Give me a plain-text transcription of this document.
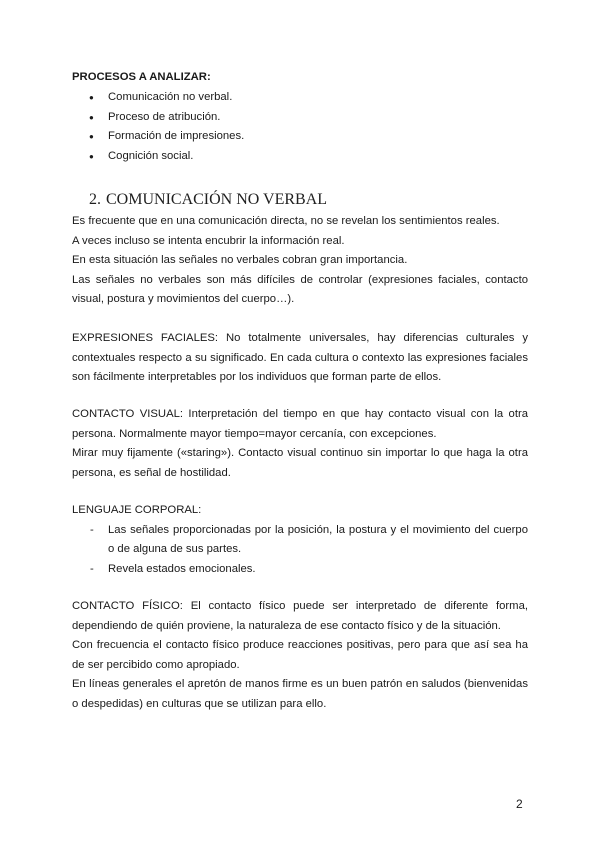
PROCESOS A ANALIZAR:
● Comunicación no verbal.
● Proceso de atribución.
● Formación de impresiones.
● Cognición social.
2. COMUNICACIÓN NO VERBAL

Es frecuente que en una comunicación directa, no se revelan los sentimientos reales.

A veces incluso se intenta encubrir la información real.

En esta situación las señales no verbales cobran gran importancia.

Las señales no verbales son más difíciles de controlar (expresiones faciales, contacto visual, postura y movimientos del cuerpo…).

EXPRESIONES FACIALES: No totalmente universales, hay diferencias culturales y contextuales respecto a su significado. En cada cultura o contexto las expresiones faciales son fácilmente interpretables por los individuos que forman parte de ellos.

CONTACTO VISUAL: Interpretación del tiempo en que hay contacto visual con la otra persona. Normalmente mayor tiempo=mayor cercanía, con excepciones.

Mirar muy fijamente («staring»). Contacto visual continuo sin importar lo que haga la otra persona, es señal de hostilidad.

LENGUAJE CORPORAL:

- Las señales proporcionadas por la posición, la postura y el movimiento del cuerpo o de alguna de sus partes.
- Revela estados emocionales.

CONTACTO FÍSICO: El contacto físico puede ser interpretado de diferente forma, dependiendo de quién proviene, la naturaleza de ese contacto físico y de la situación.

Con frecuencia el contacto físico produce reacciones positivas, pero para que así sea ha de ser percibido como apropiado.

En líneas generales el apretón de manos firme es un buen patrón en saludos (bienvenidas o despedidas) en culturas que se utilizan para ello.

2
